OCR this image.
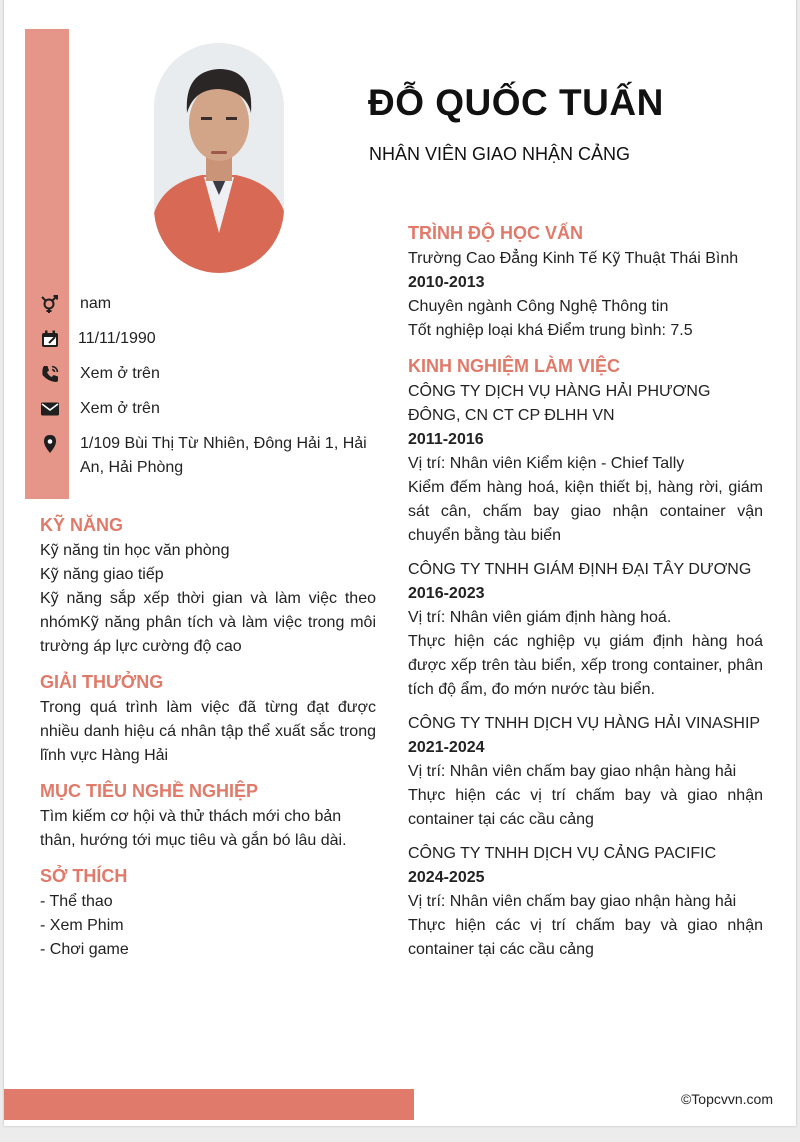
ĐỖ QUỐC TUẤN
NHÂN VIÊN GIAO NHẬN CẢNG
nam
11/11/1990
Xem ở trên
Xem ở trên
1/109 Bùi Thị Từ Nhiên, Đông Hải 1, Hải An, Hải Phòng
KỸ NĂNG
Kỹ năng tin học văn phòng
Kỹ năng giao tiếp
Kỹ năng sắp xếp thời gian và làm việc theo nhómKỹ năng phân tích và làm việc trong môi trường áp lực cường độ cao
GIẢI THƯỞNG
Trong quá trình làm việc đã từng đạt được nhiều danh hiệu cá nhân tập thể xuất sắc trong lĩnh vực Hàng Hải
MỤC TIÊU NGHỀ NGHIỆP
Tìm kiếm cơ hội và thử thách mới cho bản thân, hướng tới mục tiêu và gắn bó lâu dài.
SỞ THÍCH
- Thể thao
- Xem Phim
- Chơi game
TRÌNH ĐỘ HỌC VẤN
Trường Cao Đẳng Kinh Tế Kỹ Thuật Thái Bình
2010-2013
Chuyên ngành Công Nghệ Thông tin
Tốt nghiệp loại khá Điểm trung bình: 7.5
KINH NGHIỆM LÀM VIỆC
CÔNG TY DỊCH VỤ HÀNG HẢI PHƯƠNG ĐÔNG, CN CT CP ĐLHH VN
2011-2016
Vị trí: Nhân viên Kiểm kiện - Chief Tally
Kiểm đếm hàng hoá, kiện thiết bị, hàng rời, giám sát cân, chấm bay giao nhận container vận chuyển bằng tàu biển
CÔNG TY TNHH GIÁM ĐỊNH ĐẠI TÂY DƯƠNG
2016-2023
Vị trí: Nhân viên giám định hàng hoá.
Thực hiện các nghiệp vụ giám định hàng hoá được xếp trên tàu biển, xếp trong container, phân tích độ ẩm, đo mớn nước tàu biển.
CÔNG TY TNHH DỊCH VỤ HÀNG HẢI VINASHIP
2021-2024
Vị trí: Nhân viên chấm bay giao nhận hàng hải
Thực hiện các vị trí chấm bay và giao nhận container tại các cầu cảng
CÔNG TY TNHH DỊCH VỤ CẢNG PACIFIC
2024-2025
Vị trí: Nhân viên chấm bay giao nhận hàng hải
Thực hiện các vị trí chấm bay và giao nhận container tại các cầu cảng
©Topcvvn.com
